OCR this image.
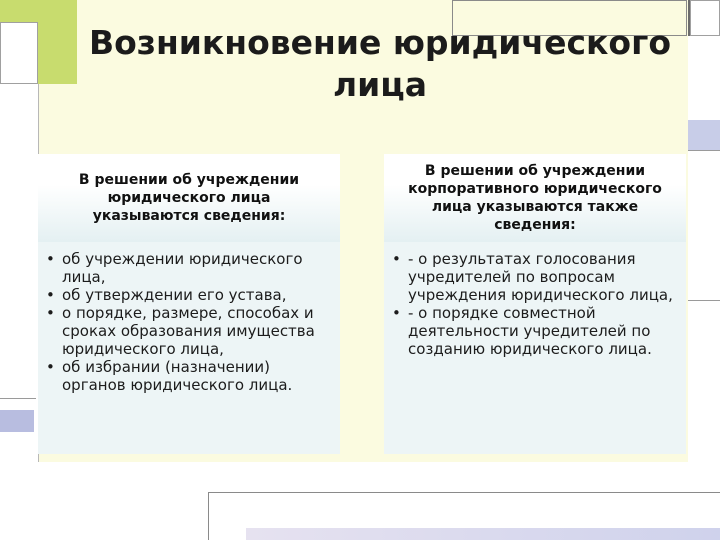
Возникновение юридического
лица
В решении об учреждении юридического лица указываются сведения:
• об учреждении юридического лица,
• об утверждении его устава,
• о порядке, размере, способах и сроках образования имущества юридического лица,
• об избрании (назначении) органов юридического лица.
В решении об учреждении корпоративного юридического лица указываются также сведения:
• - о результатах голосования учредителей по вопросам учреждения юридического лица,
• - о порядке совместной деятельности учредителей по созданию юридического лица.
